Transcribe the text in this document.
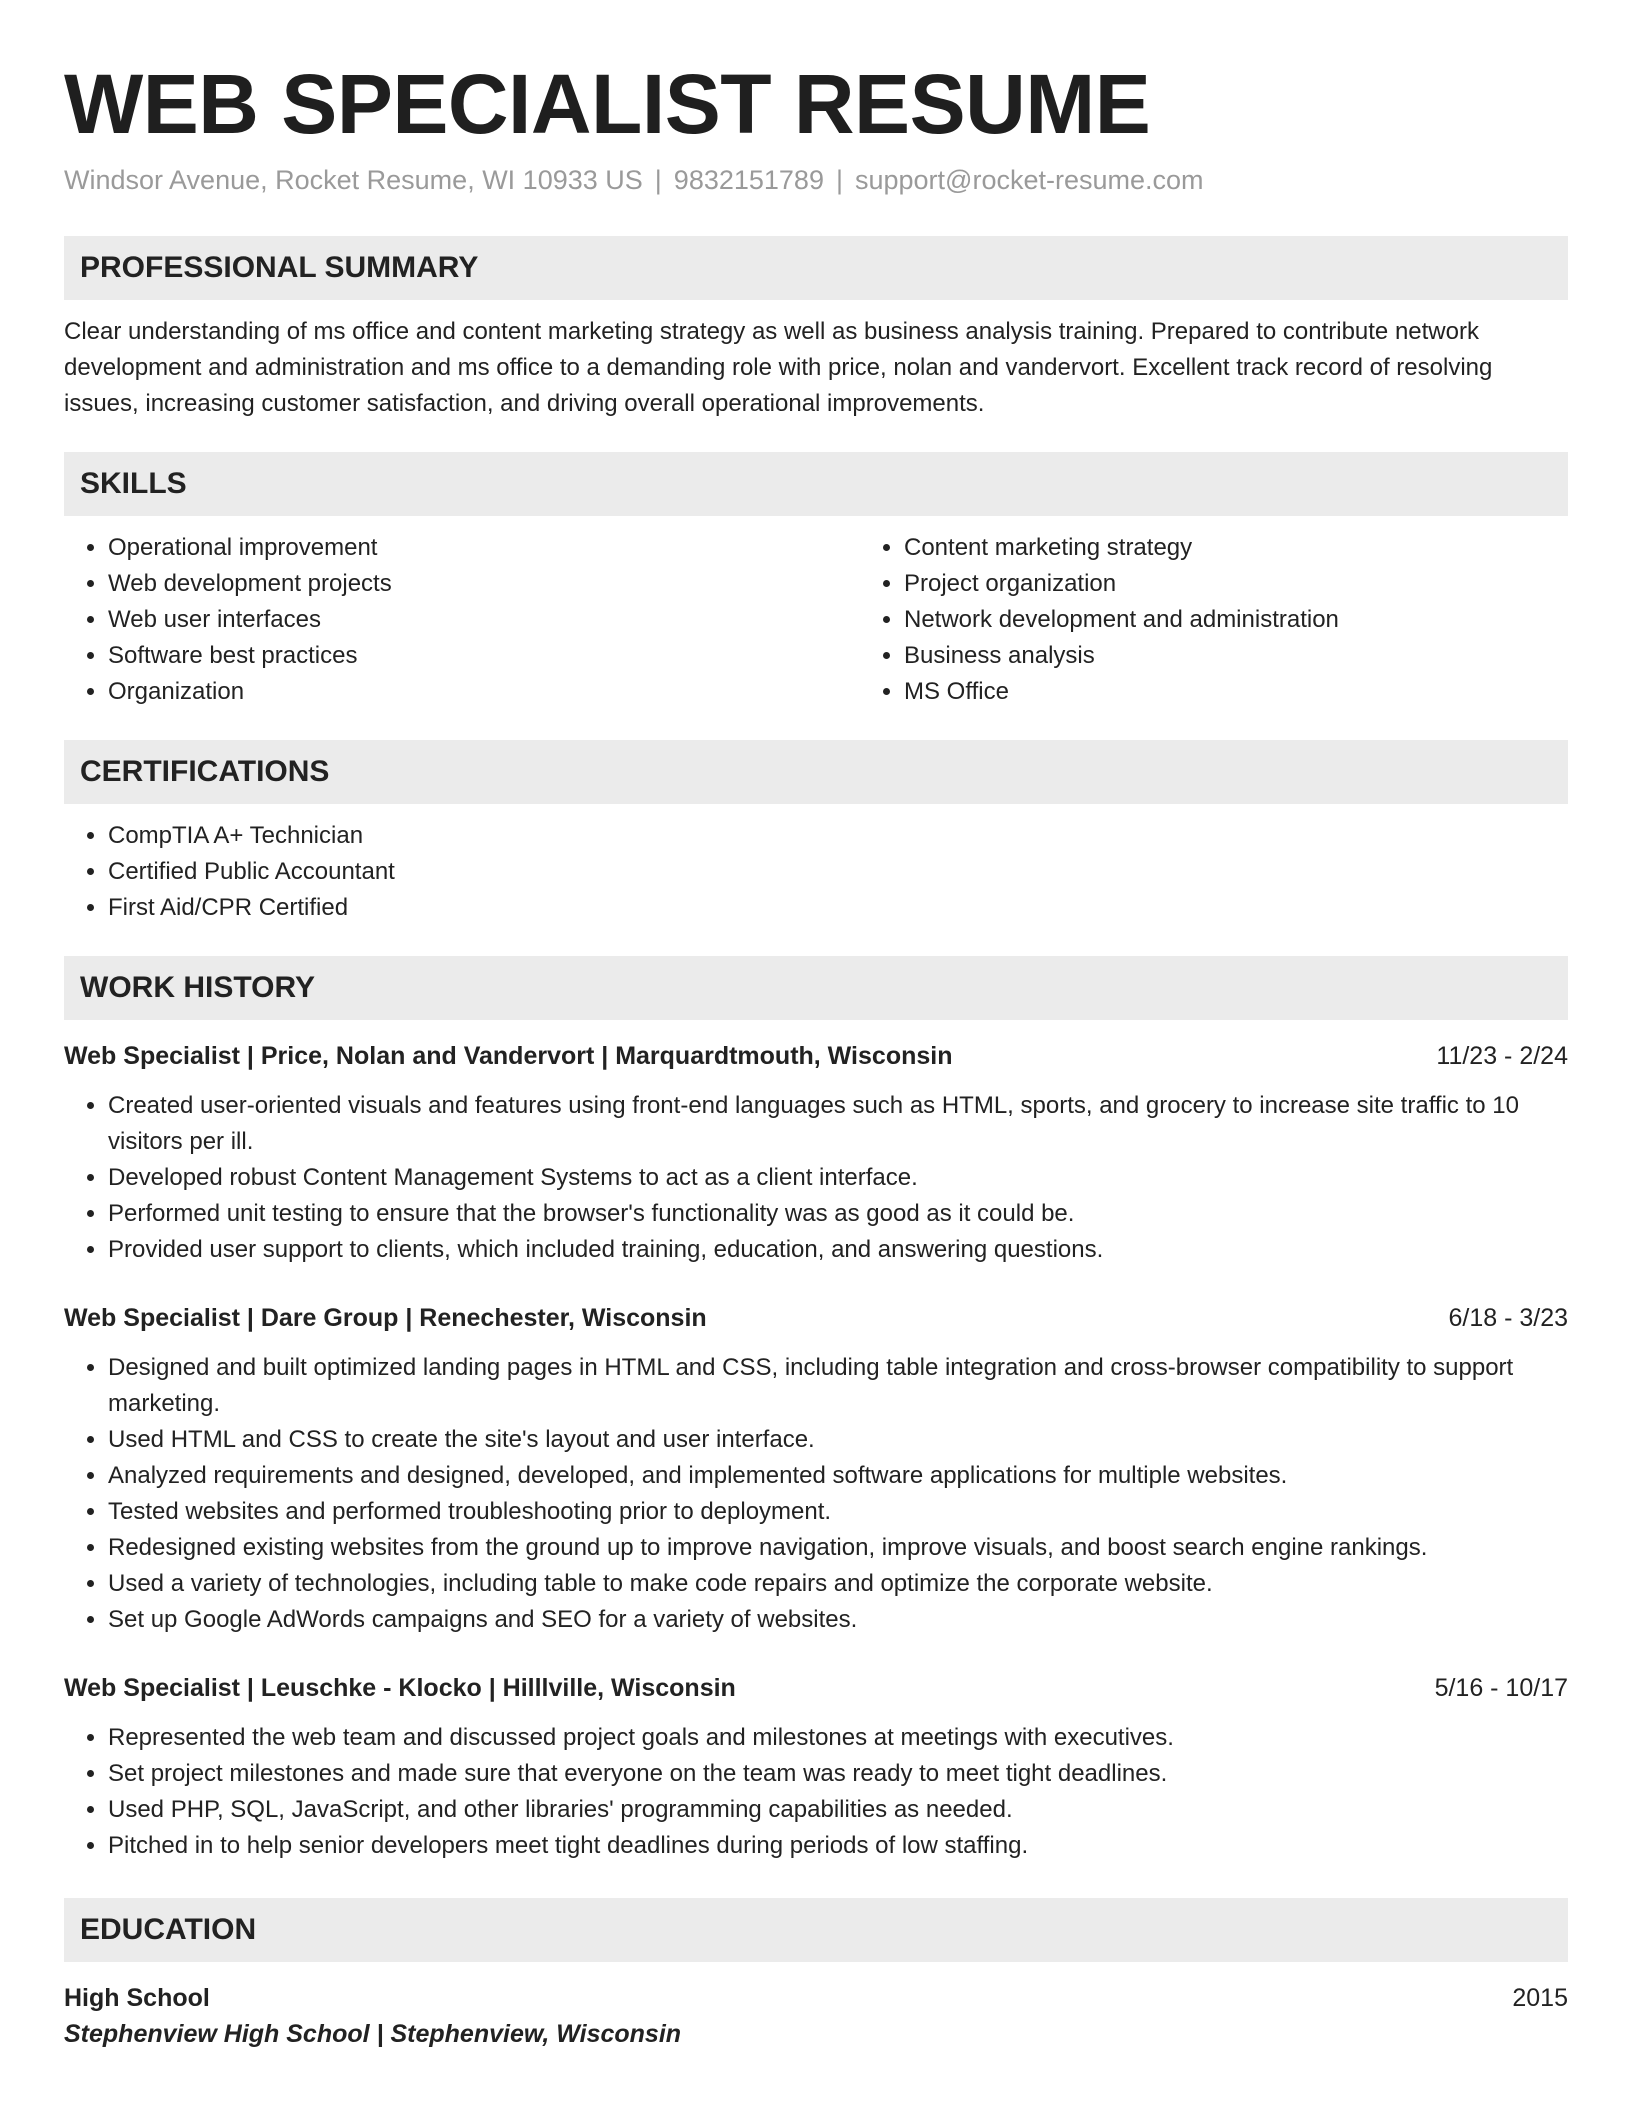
WEB SPECIALIST RESUME
Windsor Avenue, Rocket Resume, WI 10933 US | 9832151789 | support@rocket-resume.com
PROFESSIONAL SUMMARY

Clear understanding of ms office and content marketing strategy as well as business analysis training. Prepared to contribute network development and administration and ms office to a demanding role with price, nolan and vandervort. Excellent track record of resolving issues, increasing customer satisfaction, and driving overall operational improvements.

SKILLS
• Operational improvement
• Web development projects
• Web user interfaces
• Software best practices
• Organization
• Content marketing strategy
• Project organization
• Network development and administration
• Business analysis
• MS Office
CERTIFICATIONS
• CompTIA A+ Technician
• Certified Public Accountant
• First Aid/CPR Certified
WORK HISTORY
Web Specialist | Price, Nolan and Vandervort | Marquardtmouth, Wisconsin	11/23 - 2/24
• Created user-oriented visuals and features using front-end languages such as HTML, sports, and grocery to increase site traffic to 10 visitors per ill.
• Developed robust Content Management Systems to act as a client interface.
• Performed unit testing to ensure that the browser's functionality was as good as it could be.
• Provided user support to clients, which included training, education, and answering questions.
Web Specialist | Dare Group | Renechester, Wisconsin	6/18 - 3/23
• Designed and built optimized landing pages in HTML and CSS, including table integration and cross-browser compatibility to support marketing.
• Used HTML and CSS to create the site's layout and user interface.
• Analyzed requirements and designed, developed, and implemented software applications for multiple websites.
• Tested websites and performed troubleshooting prior to deployment.
• Redesigned existing websites from the ground up to improve navigation, improve visuals, and boost search engine rankings.
• Used a variety of technologies, including table to make code repairs and optimize the corporate website.
• Set up Google AdWords campaigns and SEO for a variety of websites.
Web Specialist | Leuschke - Klocko | Hilllville, Wisconsin	5/16 - 10/17
• Represented the web team and discussed project goals and milestones at meetings with executives.
• Set project milestones and made sure that everyone on the team was ready to meet tight deadlines.
• Used PHP, SQL, JavaScript, and other libraries' programming capabilities as needed.
• Pitched in to help senior developers meet tight deadlines during periods of low staffing.
EDUCATION
High School	2015
Stephenview High School | Stephenview, Wisconsin
